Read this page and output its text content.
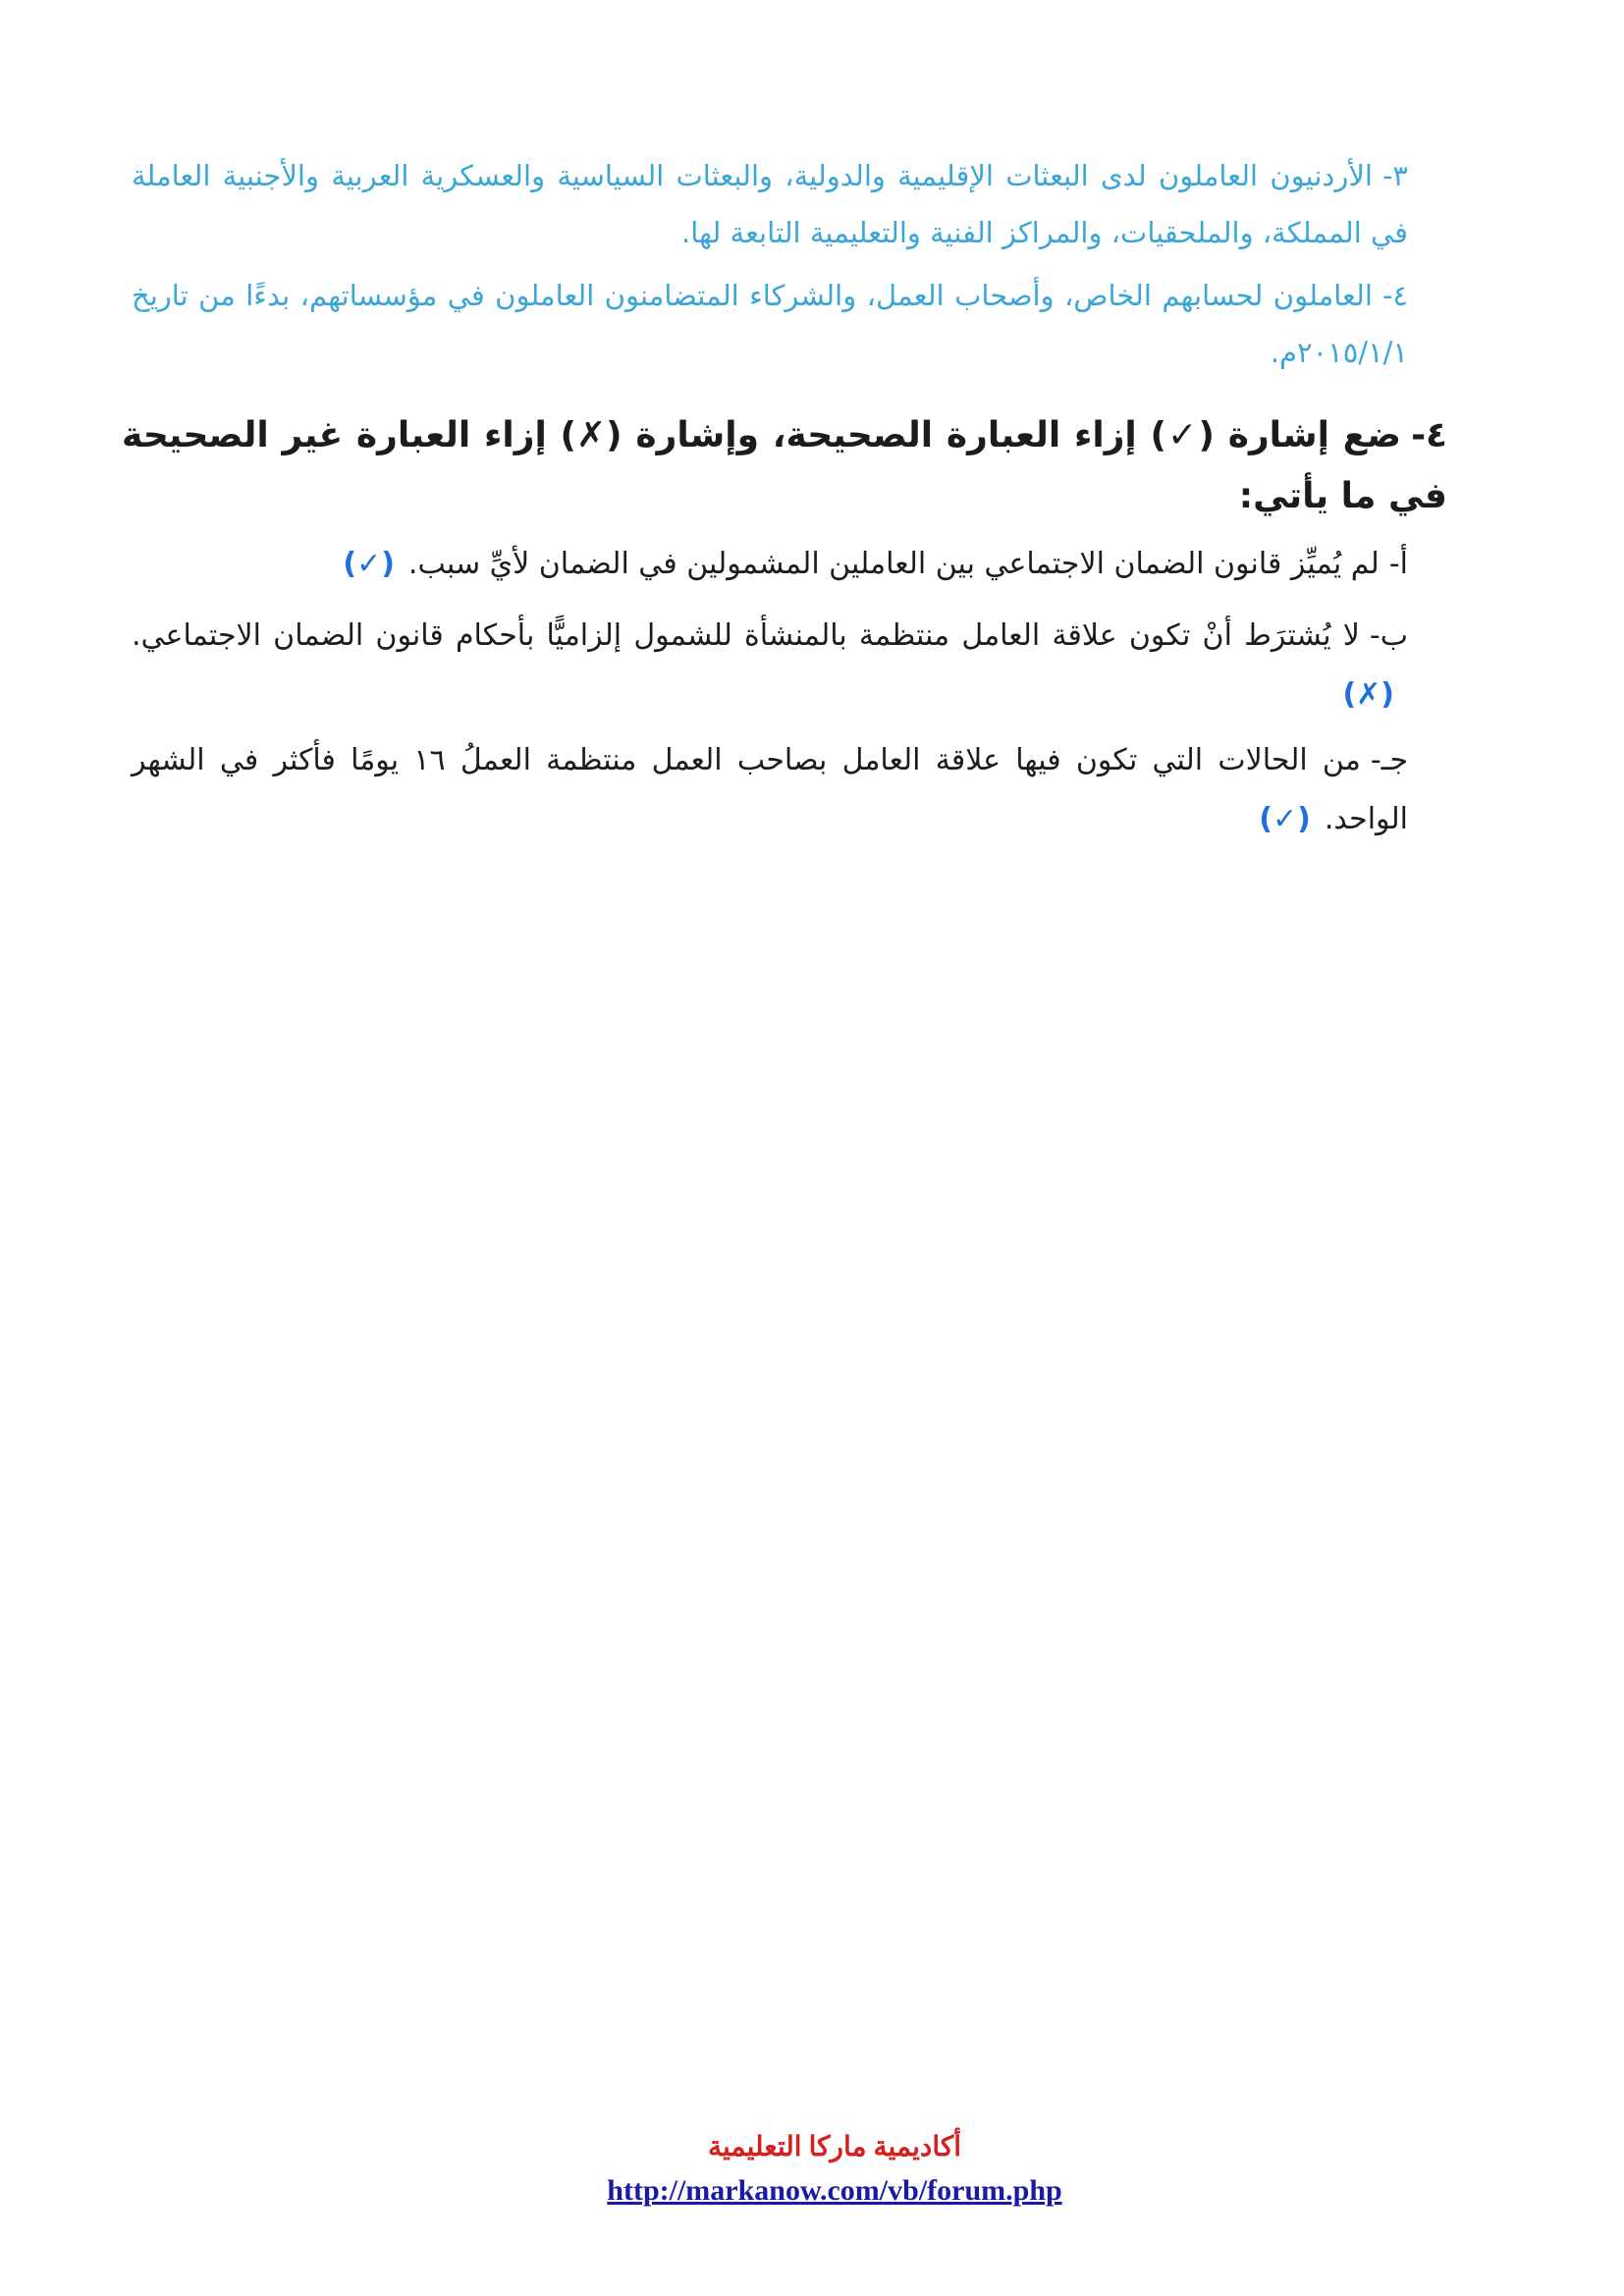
٣-الأردنيون العاملون لدى البعثات الإقليمية والدولية، والبعثات السياسية والعسكرية العربية والأجنبية العاملة في المملكة، والملحقيات، والمراكز الفنية والتعليمية التابعة لها.

٤-العاملون لحسابهم الخاص، وأصحاب العمل، والشركاء المتضامنون العاملون في مؤسساتهم، بدءًا من تاريخ ٢٠١٥/١/١م.

٤-ضع إشارة (✓) إزاء العبارة الصحيحة، وإشارة (✗) إزاء العبارة غير الصحيحة في ما يأتي:

أ-لم يُميِّز قانون الضمان الاجتماعي بين العاملين المشمولين في الضمان لأيِّ سبب.(✓)

ب-لا يُشترَط أنْ تكون علاقة العامل منتظمة بالمنشأة للشمول إلزاميًّا بأحكام قانون الضمان الاجتماعي.(✗)

جـ-من الحالات التي تكون فيها علاقة العامل بصاحب العمل منتظمة العملُ ١٦ يومًا فأكثر في الشهر الواحد.(✓)

أكاديمية ماركا التعليمية
http://markanow.com/vb/forum.php
